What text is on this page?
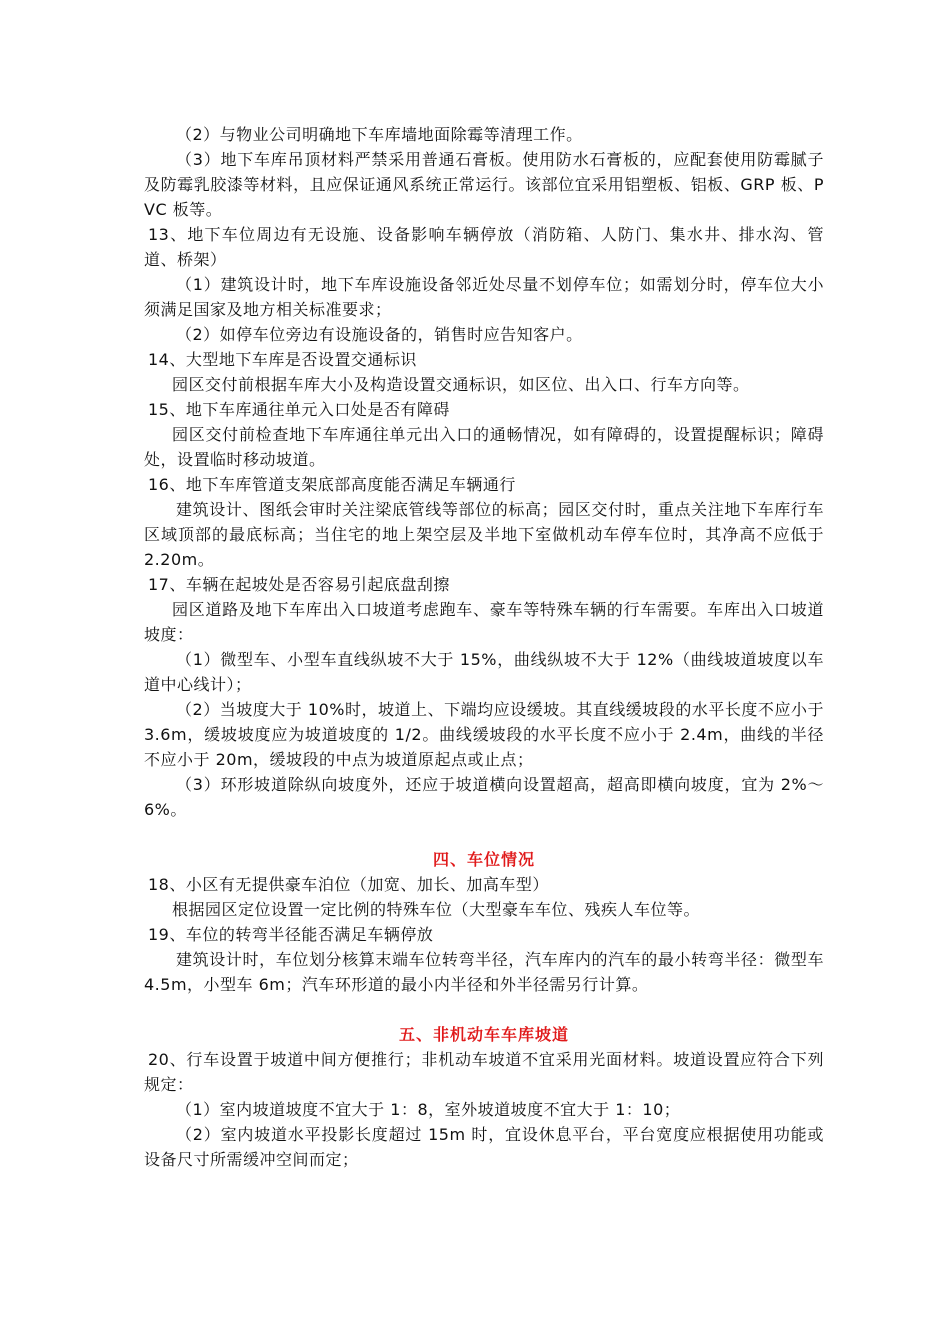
（2）与物业公司明确地下车库墙地面除霉等清理工作。

（3）地下车库吊顶材料严禁采用普通石膏板。使用防水石膏板的，应配套使用防霉腻子及防霉乳胶漆等材料，且应保证通风系统正常运行。该部位宜采用铝塑板、铝板、GRP 板、PVC 板等。

13、地下车位周边有无设施、设备影响车辆停放（消防箱、人防门、集水井、排水沟、管道、桥架）

（1）建筑设计时，地下车库设施设备邻近处尽量不划停车位；如需划分时，停车位大小须满足国家及地方相关标准要求；

（2）如停车位旁边有设施设备的，销售时应告知客户。

14、大型地下车库是否设置交通标识

园区交付前根据车库大小及构造设置交通标识，如区位、出入口、行车方向等。

15、地下车库通往单元入口处是否有障碍

园区交付前检查地下车库通往单元出入口的通畅情况，如有障碍的，设置提醒标识；障碍处，设置临时移动坡道。

16、地下车库管道支架底部高度能否满足车辆通行

建筑设计、图纸会审时关注梁底管线等部位的标高；园区交付时，重点关注地下车库行车区域顶部的最底标高；当住宅的地上架空层及半地下室做机动车停车位时，其净高不应低于 2.20m。

17、车辆在起坡处是否容易引起底盘刮擦

园区道路及地下车库出入口坡道考虑跑车、豪车等特殊车辆的行车需要。车库出入口坡道坡度：

（1）微型车、小型车直线纵坡不大于 15%，曲线纵坡不大于 12%（曲线坡道坡度以车道中心线计）；

（2）当坡度大于 10%时，坡道上、下端均应设缓坡。其直线缓坡段的水平长度不应小于 3.6m，缓坡坡度应为坡道坡度的 1/2。曲线缓坡段的水平长度不应小于 2.4m，曲线的半径不应小于 20m，缓坡段的中点为坡道原起点或止点；

（3）环形坡道除纵向坡度外，还应于坡道横向设置超高，超高即横向坡度，宜为 2%～6%。

四、车位情况

18、小区有无提供豪车泊位（加宽、加长、加高车型）

根据园区定位设置一定比例的特殊车位（大型豪车车位、残疾人车位等。

19、车位的转弯半径能否满足车辆停放

建筑设计时，车位划分核算末端车位转弯半径，汽车库内的汽车的最小转弯半径：微型车 4.5m，小型车 6m；汽车环形道的最小内半径和外半径需另行计算。

五、非机动车车库坡道

20、行车设置于坡道中间方便推行；非机动车坡道不宜采用光面材料。坡道设置应符合下列规定：

（1）室内坡道坡度不宜大于 1：8，室外坡道坡度不宜大于 1：10；

（2）室内坡道水平投影长度超过 15m 时，宜设休息平台，平台宽度应根据使用功能或设备尺寸所需缓冲空间而定；
